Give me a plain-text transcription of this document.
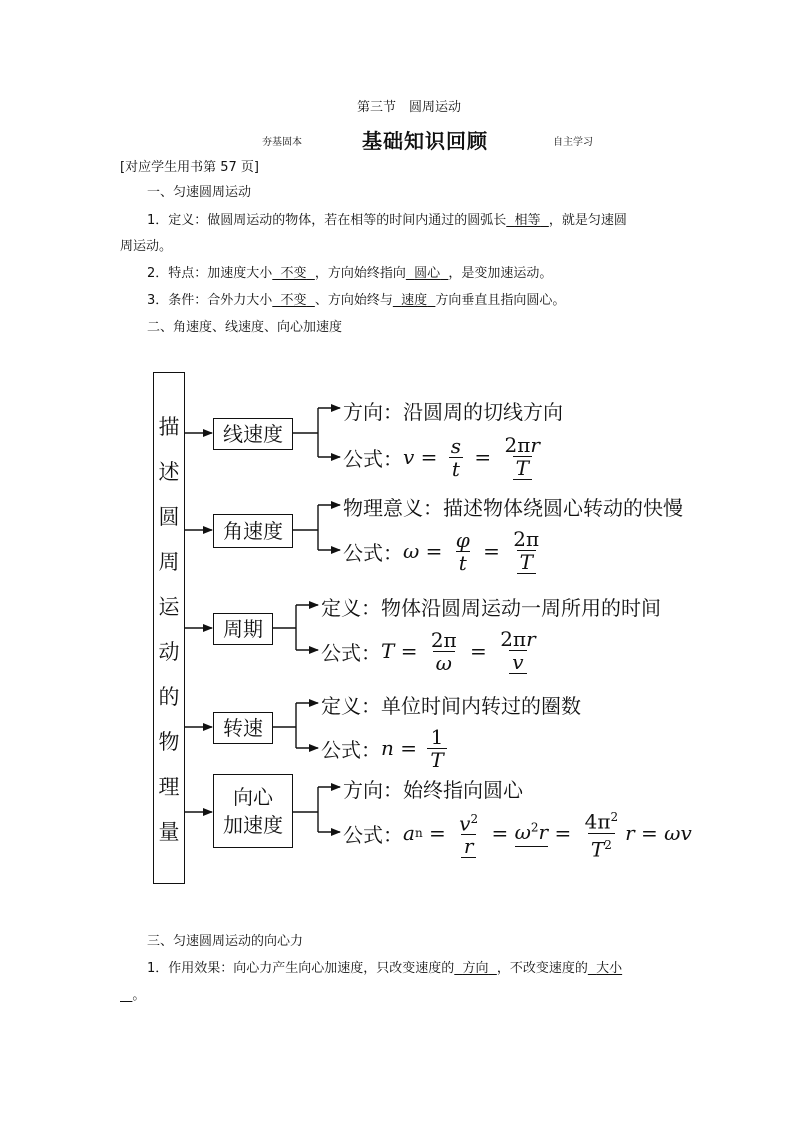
第三节　圆周运动
夯基固本	基础知识回顾	自主学习
[对应学生用书第 57 页]
一、匀速圆周运动
1．定义：做圆周运动的物体，若在相等的时间内通过的圆弧长 相等 ，就是匀速圆
周运动。
2．特点：加速度大小 不变 ，方向始终指向 圆心 ，是变加速运动。
3．条件：合外力大小 不变 、方向始终与 速度 方向垂直且指向圆心。
二、角速度、线速度、向心加速度
描
述
圆
周
运
动
的
物
理
量
线速度
角速度
周期
转速
向心
加速度
方向：沿圆周的切线方向
公式： $v = \frac{s}{t} = \frac{2\pi r}{T}$
物理意义：描述物体绕圆心转动的快慢
公式： $\omega = \frac{\varphi}{t} = \frac{2\pi}{T}$
定义：物体沿圆周运动一周所用的时间
公式： $T = \frac{2\pi}{\omega} = \frac{2\pi r}{v}$
定义：单位时间内转过的圈数
公式： $n = \frac{1}{T}$
方向：始终指向圆心
公式： a $n = \frac{v^2}{r} = \omega^2r = \frac{4\pi^2}{T^2}$ r = ωv
三、匀速圆周运动的向心力
1．作用效果：向心力产生向心加速度，只改变速度的 方向 ，不改变速度的 大小
。
